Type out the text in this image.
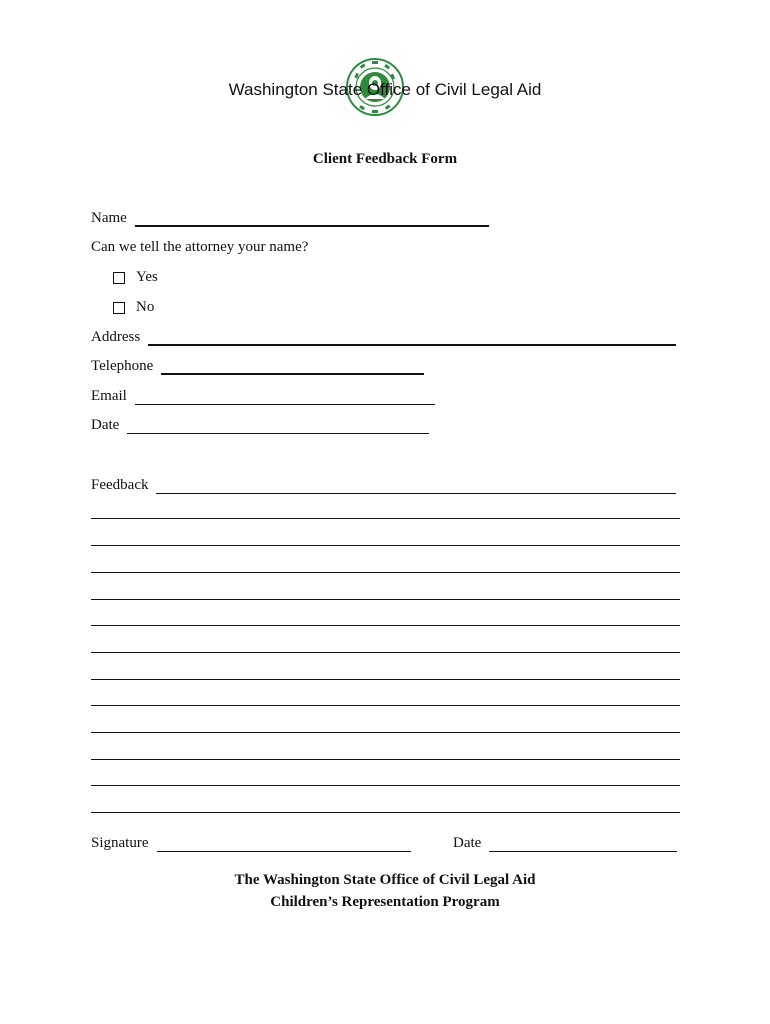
Washington State Office of Civil Legal Aid
Client Feedback Form
Name
Can we tell the attorney your name?
Yes
No
Address
Telephone
Email
Date
Feedback
Signature	Date
The Washington State Office of Civil Legal Aid
Children’s Representation Program
